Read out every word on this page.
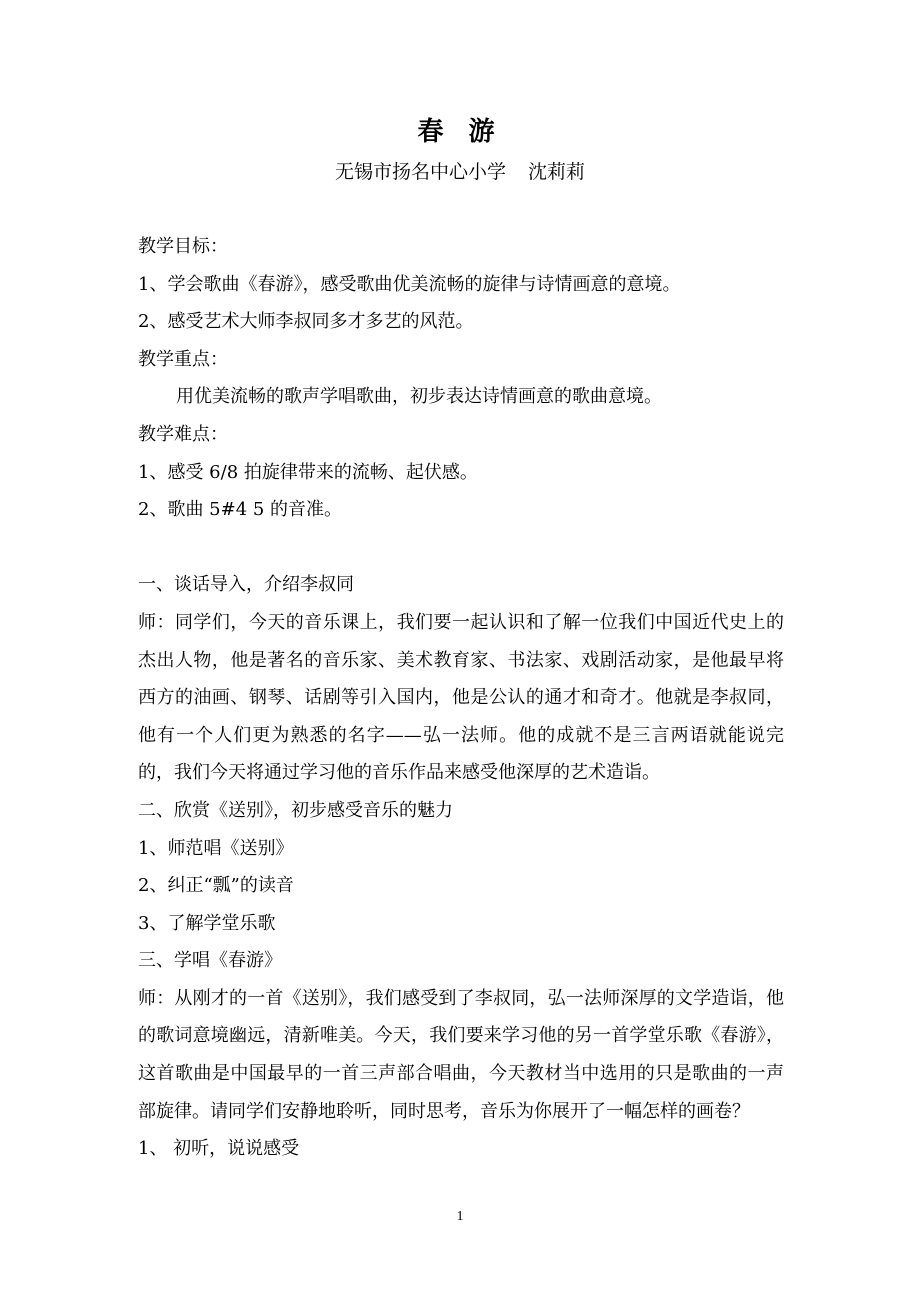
春 游
无锡市扬名中心小学 沈莉莉
教学目标：
1、学会歌曲《春游》，感受歌曲优美流畅的旋律与诗情画意的意境。
2、感受艺术大师李叔同多才多艺的风范。
教学重点：
用优美流畅的歌声学唱歌曲，初步表达诗情画意的歌曲意境。
教学难点：
1、感受 6/8 拍旋律带来的流畅、起伏感。
2、歌曲 5#4 5 的音准。
一、谈话导入，介绍李叔同
师：同学们，今天的音乐课上，我们要一起认识和了解一位我们中国近代史上的杰出人物，他是著名的音乐家、美术教育家、书法家、戏剧活动家，是他最早将西方的油画、钢琴、话剧等引入国内，他是公认的通才和奇才。他就是李叔同，他有一个人们更为熟悉的名字——弘一法师。他的成就不是三言两语就能说完的，我们今天将通过学习他的音乐作品来感受他深厚的艺术造诣。
二、欣赏《送别》，初步感受音乐的魅力
1、师范唱《送别》
2、纠正“瓢”的读音
3、了解学堂乐歌
三、学唱《春游》
师：从刚才的一首《送别》，我们感受到了李叔同，弘一法师深厚的文学造诣，他的歌词意境幽远，清新唯美。今天，我们要来学习他的另一首学堂乐歌《春游》，这首歌曲是中国最早的一首三声部合唱曲，今天教材当中选用的只是歌曲的一声部旋律。请同学们安静地聆听，同时思考，音乐为你展开了一幅怎样的画卷？
1、 初听，说说感受
1
